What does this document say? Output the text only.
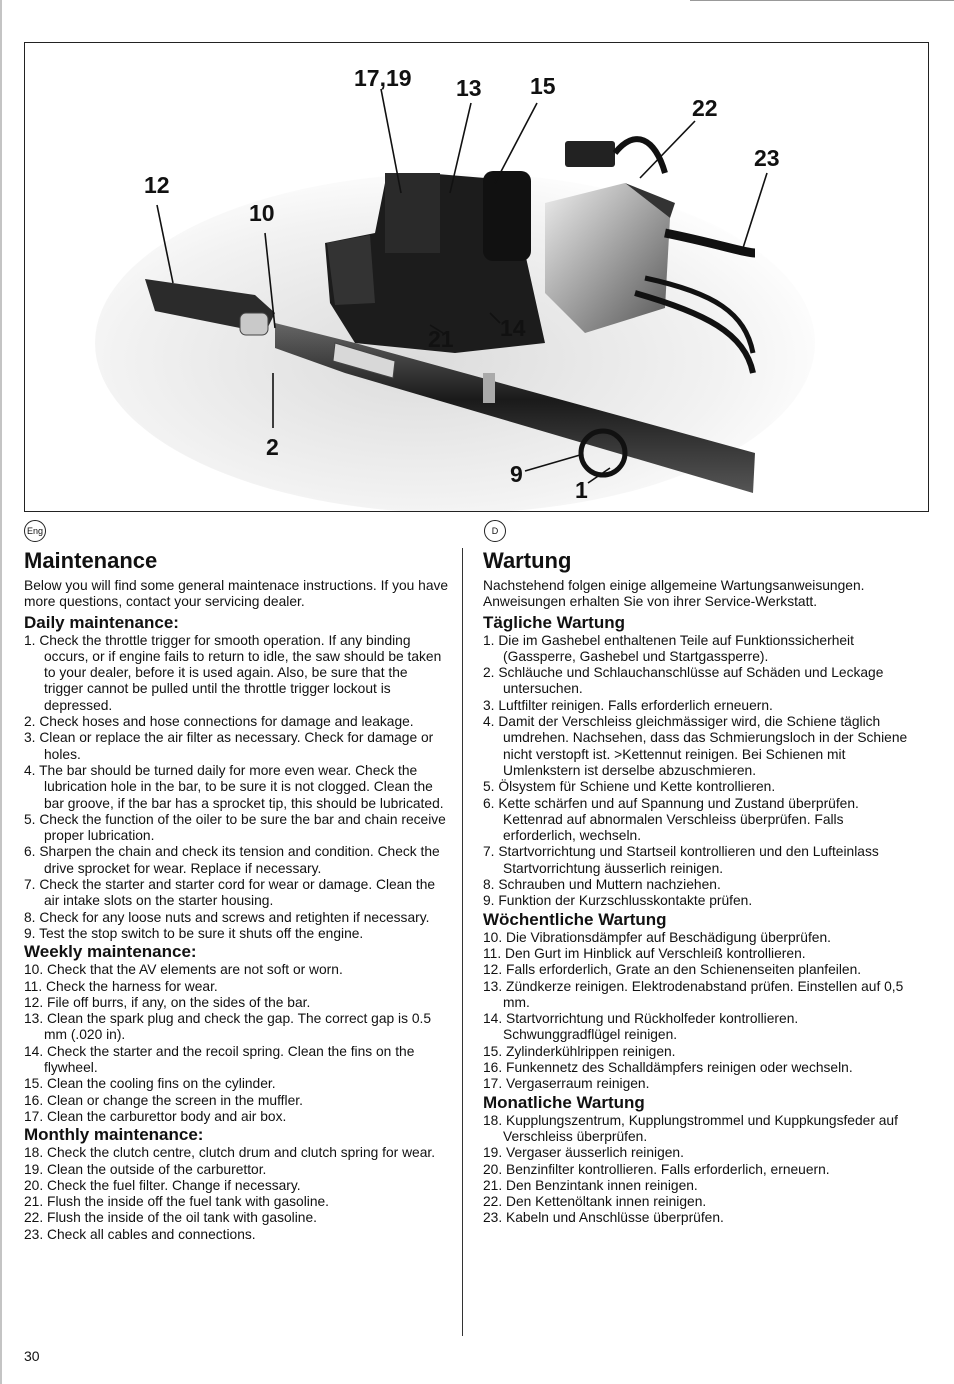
17,19 13 15
22
23
12
10
21 14
2
9
1
Eng	D
Maintenance

Below you will find some general maintenace instructions. If you have more questions, contact your servicing dealer.

Daily maintenance:
1. Check the throttle trigger for smooth operation. If any binding occurs, or if engine fails to return to idle, the saw should be taken to your dealer, before it is used again. Also, be sure that the trigger cannot be pulled until the throttle trigger lockout is depressed.
2. Check hoses and hose connections for damage and leakage.
3. Clean or replace the air filter as necessary. Check for damage or holes.
4. The bar should be turned daily for more even wear. Check the lubrication hole in the bar, to be sure it is not clogged. Clean the bar groove, if the bar has a sprocket tip, this should be lubricated.
5. Check the function of the oiler to be sure the bar and chain receive proper lubrication.
6. Sharpen the chain and check its tension and condition. Check the drive sprocket for wear. Replace if necessary.
7. Check the starter and starter cord for wear or damage. Clean the air intake slots on the starter housing.
8. Check for any loose nuts and screws and retighten if necessary.
9. Test the stop switch to be sure it shuts off the engine.
Weekly maintenance:
10. Check that the AV elements are not soft or worn.
11. Check the harness for wear.
12. File off burrs, if any, on the sides of the bar.
13. Clean the spark plug and check the gap. The correct gap is 0.5 mm (.020 in).
14. Check the starter and the recoil spring. Clean the fins on the flywheel.
15. Clean the cooling fins on the cylinder.
16. Clean or change the screen in the muffler.
17. Clean the carburettor body and air box.
Monthly maintenance:
18. Check the clutch centre, clutch drum and clutch spring for wear.
19. Clean the outside of the carburettor.
20. Check the fuel filter. Change if necessary.
21. Flush the inside off the fuel tank with gasoline.
22. Flush the inside of the oil tank with gasoline.
23. Check all cables and connections.
Wartung

Nachstehend folgen einige allgemeine Wartungsanweisungen. Anweisungen erhalten Sie von ihrer Service-Werkstatt.

Tägliche Wartung
1. Die im Gashebel enthaltenen Teile auf Funktionssicherheit (Gassperre, Gashebel und Startgassperre).
2. Schläuche und Schlauchanschlüsse auf Schäden und Leckage untersuchen.
3. Luftfilter reinigen. Falls erforderlich erneuern.
4. Damit der Verschleiss gleichmässiger wird, die Schiene täglich umdrehen. Nachsehen, dass das Schmierungsloch in der Schiene nicht verstopft ist. >Kettennut reinigen. Bei Schienen mit Umlenkstern ist derselbe abzuschmieren.
5. Ölsystem für Schiene und Kette kontrollieren.
6. Kette schärfen und auf Spannung und Zustand überprüfen. Kettenrad auf abnormalen Verschleiss überprüfen. Falls erforderlich, wechseln.
7. Startvorrichtung und Startseil kontrollieren und den Lufteinlass Startvorrichtung äusserlich reinigen.
8. Schrauben und Muttern nachziehen.
9. Funktion der Kurzschlusskontakte prüfen.
Wöchentliche Wartung
10. Die Vibrationsdämpfer auf Beschädigung überprüfen.
11. Den Gurt im Hinblick auf Verschleiß kontrollieren.
12. Falls erforderlich, Grate an den Schienenseiten planfeilen.
13. Zündkerze reinigen. Elektrodenabstand prüfen. Einstellen auf 0,5 mm.
14. Startvorrichtung und Rückholfeder kontrollieren. Schwunggradflügel reinigen.
15. Zylinderkühlrippen reinigen.
16. Funkennetz des Schalldämpfers reinigen oder wechseln.
17. Vergaserraum reinigen.
Monatliche Wartung
18. Kupplungszentrum, Kupplungstrommel und Kuppkungsfeder auf Verschleiss überprüfen.
19. Vergaser äusserlich reinigen.
20. Benzinfilter kontrollieren. Falls erforderlich, erneuern.
21. Den Benzintank innen reinigen.
22. Den Kettenöltank innen reinigen.
23. Kabeln und Anschlüsse überprüfen.
30
